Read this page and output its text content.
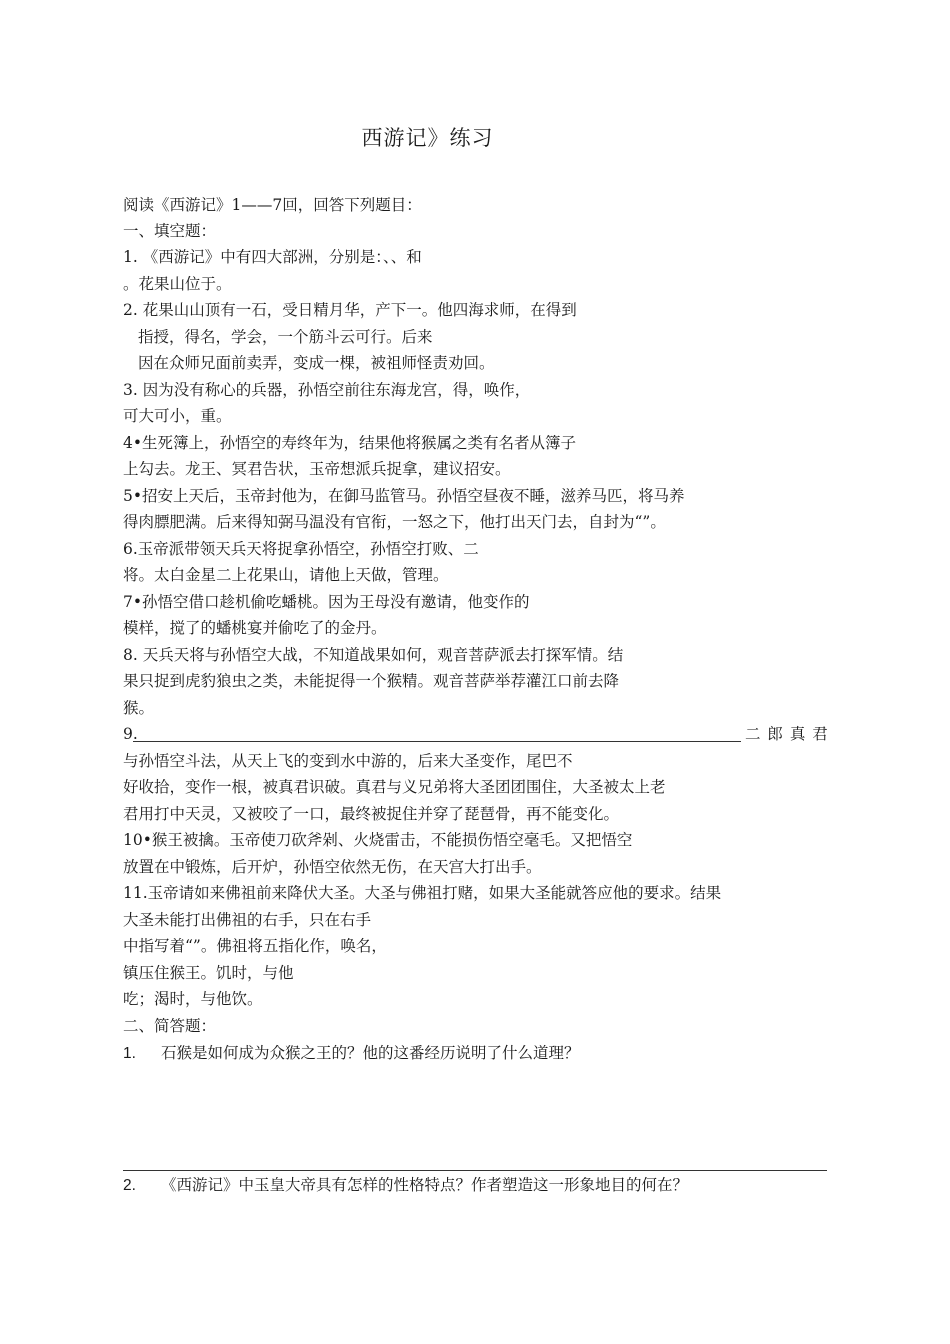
西游记》练习
阅读《西游记》1——7回，回答下列题目：
一、填空题：
1. 《西游记》中有四大部洲，分别是：、、和
。花果山位于。
2. 花果山山顶有一石，受日精月华，产下一。他四海求师，在得到
指授，得名，学会，一个筋斗云可行。后来
因在众师兄面前卖弄，变成一棵，被祖师怪责劝回。
3. 因为没有称心的兵器，孙悟空前往东海龙宫，得，唤作，
可大可小，重。
4•生死簿上，孙悟空的寿终年为，结果他将猴属之类有名者从簿子
上勾去。龙王、冥君告状，玉帝想派兵捉拿，建议招安。
5•招安上天后，玉帝封他为，在御马监管马。孙悟空昼夜不睡，滋养马匹，将马养
得肉膘肥满。后来得知弼马温没有官衔，一怒之下，他打出天门去，自封为“”。
6.玉帝派带领天兵天将捉拿孙悟空，孙悟空打败、二
将。太白金星二上花果山，请他上天做，管理。
7•孙悟空借口趁机偷吃蟠桃。因为王母没有邀请，他变作的
模样，搅了的蟠桃宴并偷吃了的金丹。
8. 天兵天将与孙悟空大战，不知道战果如何，观音菩萨派去打探军情。结
果只捉到虎豹狼虫之类，未能捉得一个猴精。观音菩萨举荐灌江口前去降
猴。
9.	二 郎 真 君
与孙悟空斗法，从天上飞的变到水中游的，后来大圣变作，尾巴不
好收拾，变作一根，被真君识破。真君与义兄弟将大圣团团围住，大圣被太上老
君用打中天灵，又被咬了一口，最终被捉住并穿了琵琶骨，再不能变化。
10•猴王被擒。玉帝使刀砍斧剁、火烧雷击，不能损伤悟空毫毛。又把悟空
放置在中锻炼，后开炉，孙悟空依然无伤，在天宫大打出手。
11.玉帝请如来佛祖前来降伏大圣。大圣与佛祖打赌，如果大圣能就答应他的要求。结果
大圣未能打出佛祖的右手，只在右手
中指写着“”。佛祖将五指化作，唤名，
镇压住猴王。饥时，与他
吃；渴时，与他饮。
二、简答题：
1. 石猴是如何成为众猴之王的？他的这番经历说明了什么道理？
2. 《西游记》中玉皇大帝具有怎样的性格特点？作者塑造这一形象地目的何在？
